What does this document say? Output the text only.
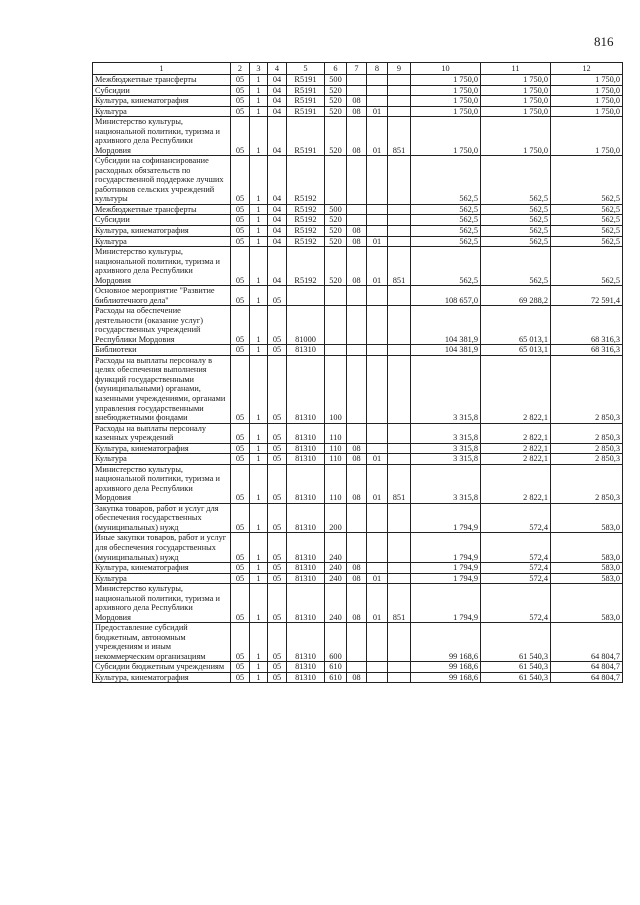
816
1	2	3	4	5	6	7	8	9	10	11	12
Межбюджетные трансферты	05	1	04	R5191	500				1 750,0	1 750,0	1 750,0
Субсидии	05	1	04	R5191	520				1 750,0	1 750,0	1 750,0
Культура, кинематография	05	1	04	R5191	520	08			1 750,0	1 750,0	1 750,0
Культура	05	1	04	R5191	520	08	01		1 750,0	1 750,0	1 750,0
Министерство культуры, национальной политики, туризма и архивного дела Республики Мордовия	05	1	04	R5191	520	08	01	851	1 750,0	1 750,0	1 750,0
Субсидии на софинансирование расходных обязательств по государственной поддержке лучших работников сельских учреждений культуры	05	1	04	R5192					562,5	562,5	562,5
Межбюджетные трансферты	05	1	04	R5192	500				562,5	562,5	562,5
Субсидии	05	1	04	R5192	520				562,5	562,5	562,5
Культура, кинематография	05	1	04	R5192	520	08			562,5	562,5	562,5
Культура	05	1	04	R5192	520	08	01		562,5	562,5	562,5
Министерство культуры, национальной политики, туризма и архивного дела Республики Мордовия	05	1	04	R5192	520	08	01	851	562,5	562,5	562,5
Основное мероприятие "Развитие библиотечного дела"	05	1	05						108 657,0	69 288,2	72 591,4
Расходы на обеспечение деятельности (оказание услуг) государственных учреждений Республики Мордовия	05	1	05	81000					104 381,9	65 013,1	68 316,3
Библиотеки	05	1	05	81310					104 381,9	65 013,1	68 316,3
Расходы на выплаты персоналу в целях обеспечения выполнения функций государственными (муниципальными) органами, казенными учреждениями, органами управления государственными внебюджетными фондами	05	1	05	81310	100				3 315,8	2 822,1	2 850,3
Расходы на выплаты персоналу казенных учреждений	05	1	05	81310	110				3 315,8	2 822,1	2 850,3
Культура, кинематография	05	1	05	81310	110	08			3 315,8	2 822,1	2 850,3
Культура	05	1	05	81310	110	08	01		3 315,8	2 822,1	2 850,3
Министерство культуры, национальной политики, туризма и архивного дела Республики Мордовия	05	1	05	81310	110	08	01	851	3 315,8	2 822,1	2 850,3
Закупка товаров, работ и услуг для обеспечения государственных (муниципальных) нужд	05	1	05	81310	200				1 794,9	572,4	583,0
Иные закупки товаров, работ и услуг для обеспечения государственных (муниципальных) нужд	05	1	05	81310	240				1 794,9	572,4	583,0
Культура, кинематография	05	1	05	81310	240	08			1 794,9	572,4	583,0
Культура	05	1	05	81310	240	08	01		1 794,9	572,4	583,0
Министерство культуры, национальной политики, туризма и архивного дела Республики Мордовия	05	1	05	81310	240	08	01	851	1 794,9	572,4	583,0
Предоставление субсидий бюджетным, автономным учреждениям и иным некоммерческим организациям	05	1	05	81310	600				99 168,6	61 540,3	64 804,7
Субсидии бюджетным учреждениям	05	1	05	81310	610				99 168,6	61 540,3	64 804,7
Культура, кинематография	05	1	05	81310	610	08			99 168,6	61 540,3	64 804,7
